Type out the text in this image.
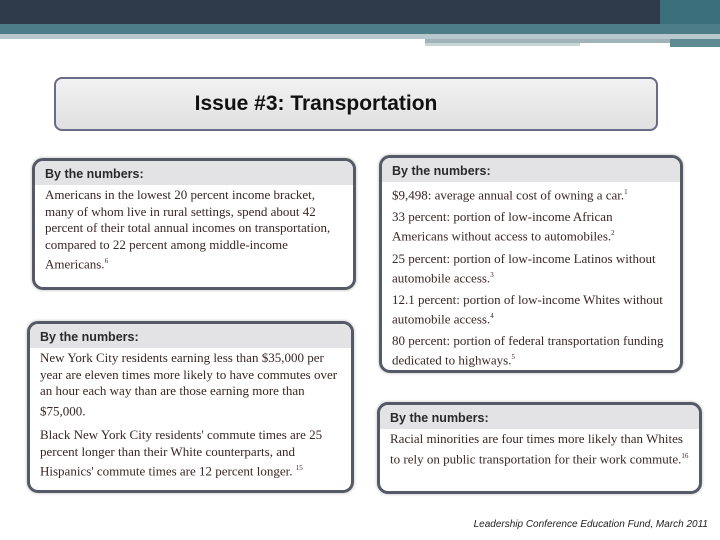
Issue #3: Transportation
By the numbers:

Americans in the lowest 20 percent income bracket, many of whom live in rural settings, spend about 42 percent of their total annual incomes on transportation, compared to 22 percent among middle-income Americans.$^6$

By the numbers:

$9,498: average annual cost of owning a car.$^1$

33 percent: portion of low-income African Americans without access to automobiles.$^2$

25 percent: portion of low-income Latinos without automobile access.$^3$

12.1 percent: portion of low-income Whites without automobile access.$^4$

80 percent: portion of federal transportation funding dedicated to highways.$^5$

By the numbers:

New York City residents earning less than $35,000 per year are eleven times more likely to have commutes over an hour each way than are those earning more than $75,000.

Black New York City residents' commute times are 25 percent longer than their White counterparts, and Hispanics' commute times are 12 percent longer. $^{15}$

By the numbers:

Racial minorities are four times more likely than Whites to rely on public transportation for their work commute.$^{16}$

Leadership Conference Education Fund, March 2011
